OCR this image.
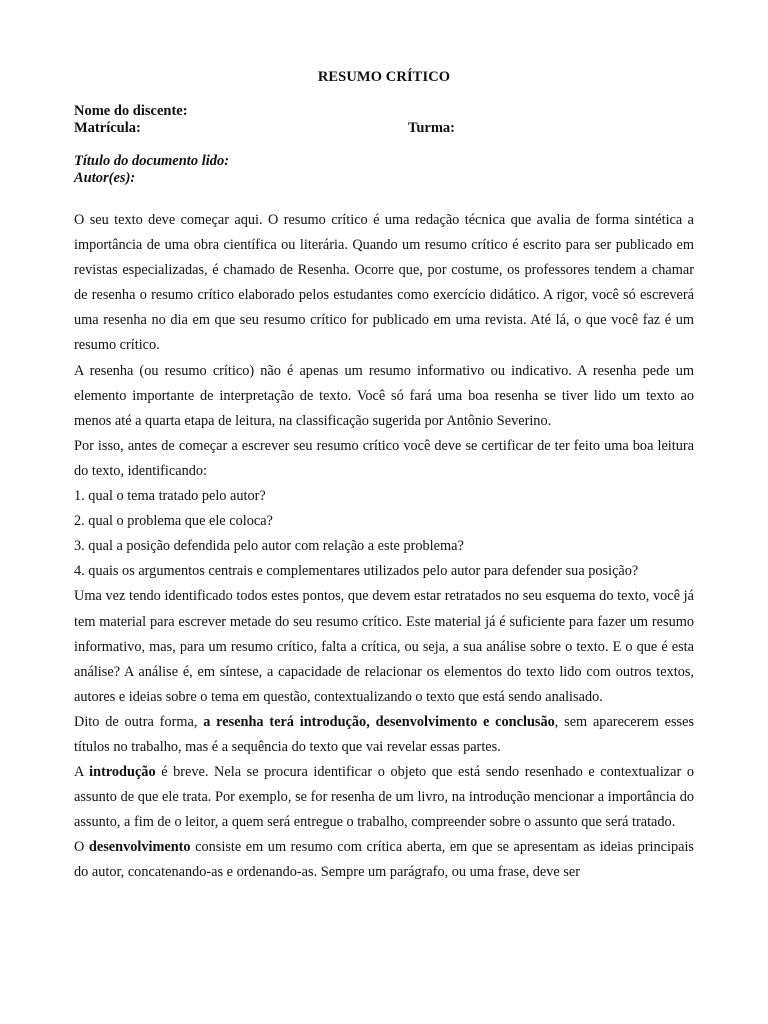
RESUMO CRÍTICO
Nome do discente:
Matrícula:	Turma:
Título do documento lido:
Autor(es):

O seu texto deve começar aqui. O resumo crítico é uma redação técnica que avalia de forma sintética a importância de uma obra científica ou literária. Quando um resumo crítico é escrito para ser publicado em revistas especializadas, é chamado de Resenha. Ocorre que, por costume, os professores tendem a chamar de resenha o resumo crítico elaborado pelos estudantes como exercício didático. A rigor, você só escreverá uma resenha no dia em que seu resumo crítico for publicado em uma revista. Até lá, o que você faz é um resumo crítico.

A resenha (ou resumo crítico) não é apenas um resumo informativo ou indicativo. A resenha pede um elemento importante de interpretação de texto. Você só fará uma boa resenha se tiver lido um texto ao menos até a quarta etapa de leitura, na classificação sugerida por Antônio Severino.

Por isso, antes de começar a escrever seu resumo crítico você deve se certificar de ter feito uma boa leitura do texto, identificando:

1. qual o tema tratado pelo autor?

2. qual o problema que ele coloca?

3. qual a posição defendida pelo autor com relação a este problema?

4. quais os argumentos centrais e complementares utilizados pelo autor para defender sua posição?

Uma vez tendo identificado todos estes pontos, que devem estar retratados no seu esquema do texto, você já tem material para escrever metade do seu resumo crítico. Este material já é suficiente para fazer um resumo informativo, mas, para um resumo crítico, falta a crítica, ou seja, a sua análise sobre o texto. E o que é esta análise? A análise é, em síntese, a capacidade de relacionar os elementos do texto lido com outros textos, autores e ideias sobre o tema em questão, contextualizando o texto que está sendo analisado.

Dito de outra forma, a resenha terá introdução, desenvolvimento e conclusão, sem aparecerem esses títulos no trabalho, mas é a sequência do texto que vai revelar essas partes.

A introdução é breve. Nela se procura identificar o objeto que está sendo resenhado e contextualizar o assunto de que ele trata. Por exemplo, se for resenha de um livro, na introdução mencionar a importância do assunto, a fim de o leitor, a quem será entregue o trabalho, compreender sobre o assunto que será tratado.

O desenvolvimento consiste em um resumo com crítica aberta, em que se apresentam as ideias principais do autor, concatenando-as e ordenando-as. Sempre um parágrafo, ou uma frase, deve ser
